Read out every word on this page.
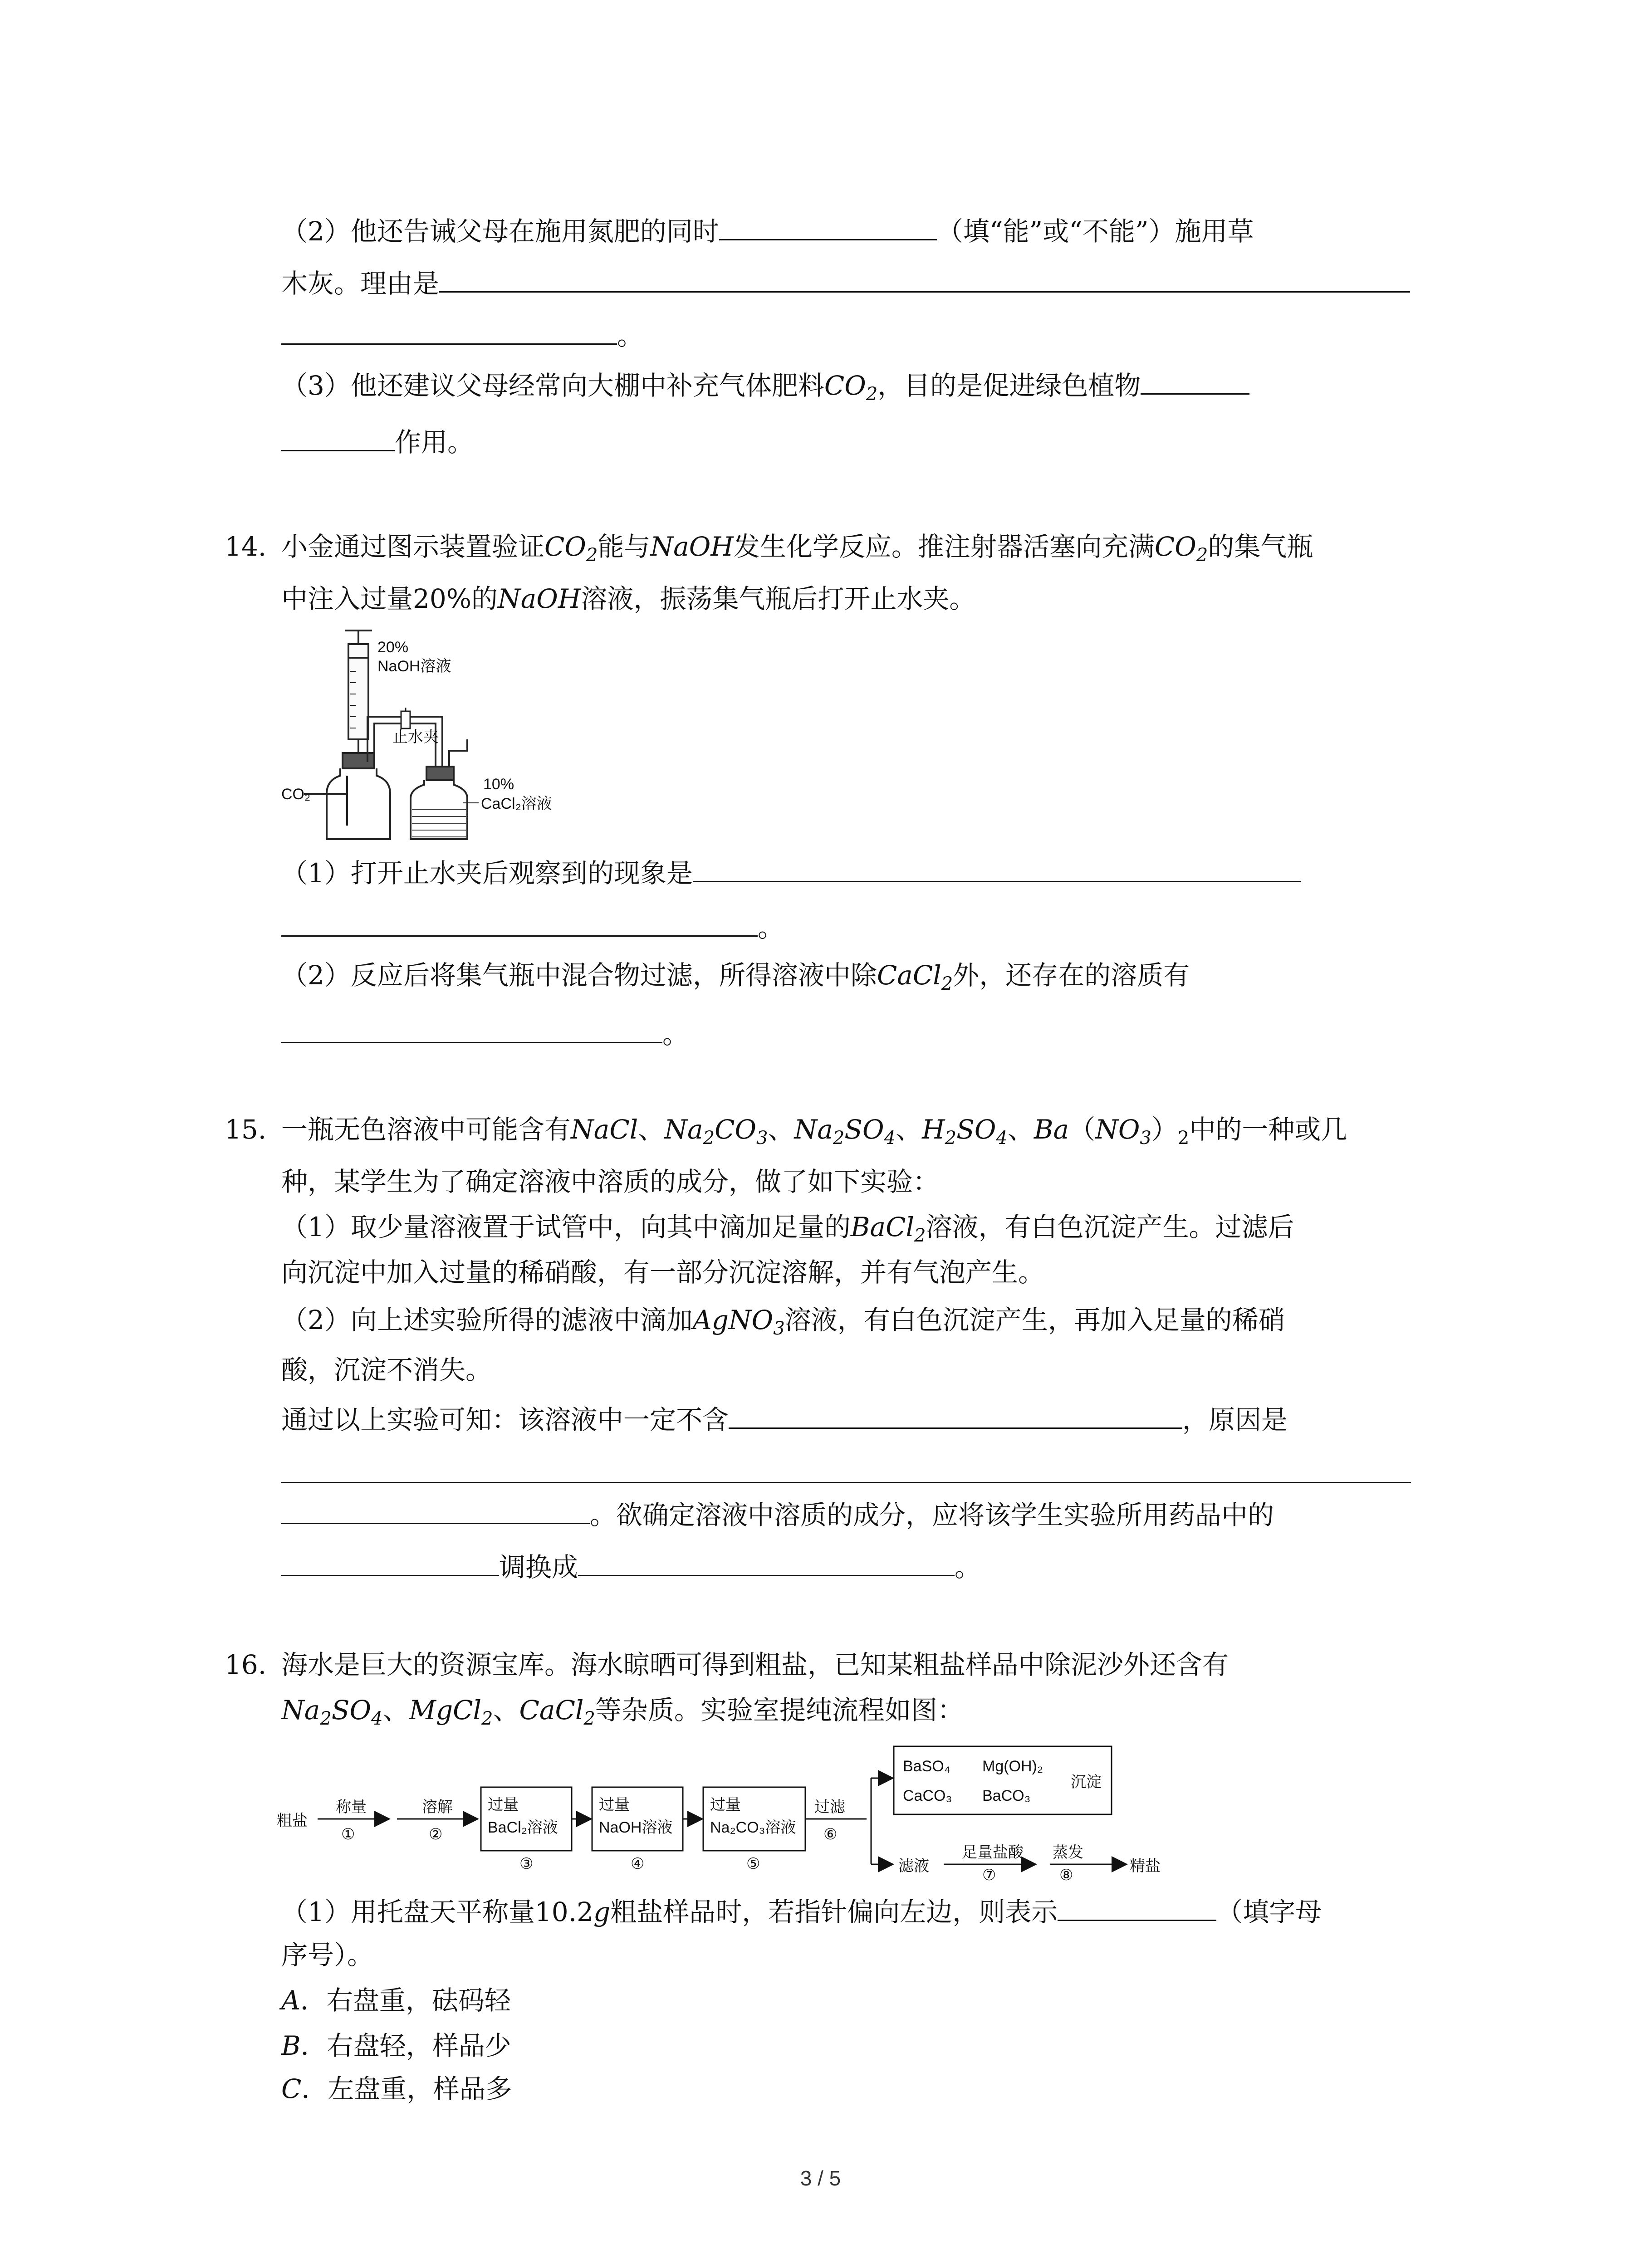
（2）他还告诫父母在施用氮肥的同时	（填“能”或“不能”）施用草
木灰。理由是
。
（3）他还建议父母经常向大棚中补充气体肥料$CO_2$，目的是促进绿色植物
作用。
14. 小金通过图示装置验证$CO_2$能与NaOH发生化学反应。推注射器活塞向充满$CO_2$的集气瓶
中注入过量20%的NaOH溶液，振荡集气瓶后打开止水夹。
20%
NaOH溶液
止水夹
10%
CO₂
CaCl₂溶液
（1）打开止水夹后观察到的现象是
。
（2）反应后将集气瓶中混合物过滤，所得溶液中除CaCl$_2$外，还存在的溶质有
。
15. 一瓶无色溶液中可能含有NaCl、$Na_2CO_3$、$Na_2SO_4$、$H_2SO_4$、$Ba(NO_3)_2$中的一种或几
种，某学生为了确定溶液中溶质的成分，做了如下实验：
（1）取少量溶液置于试管中，向其中滴加足量的BaCl$_2$溶液，有白色沉淀产生。过滤后
向沉淀中加入过量的稀硝酸，有一部分沉淀溶解，并有气泡产生。
（2）向上述实验所得的滤液中滴加AgNO$_3$溶液，有白色沉淀产生，再加入足量的稀硝
酸，沉淀不消失。
通过以上实验可知：该溶液中一定不含	，原因是
。欲确定溶液中溶质的成分，应将该学生实验所用药品中的
调换成	。
16. 海水是巨大的资源宝库。海水晾晒可得到粗盐，已知某粗盐样品中除泥沙外还含有
$Na_2SO_4$、MgCl$_2$、CaCl$_2$等杂质。实验室提纯流程如图：
粗盐
称量
①
溶解
②
过量
BaCl₂溶液
③
过量
NaOH溶液
④
过量
Na₂CO₃溶液
⑤
过滤
⑥
BaSO₄ Mg(OH)₂
CaCO₃ BaCO₃
沉淀
滤液
足量盐酸
⑦
蒸发
⑧
精盐
（1）用托盘天平称量10.2g粗盐样品时，若指针偏向左边，则表示	（填字母
序号）。
A．右盘重，砝码轻
B．右盘轻，样品少
C．左盘重，样品多
3 / 5
